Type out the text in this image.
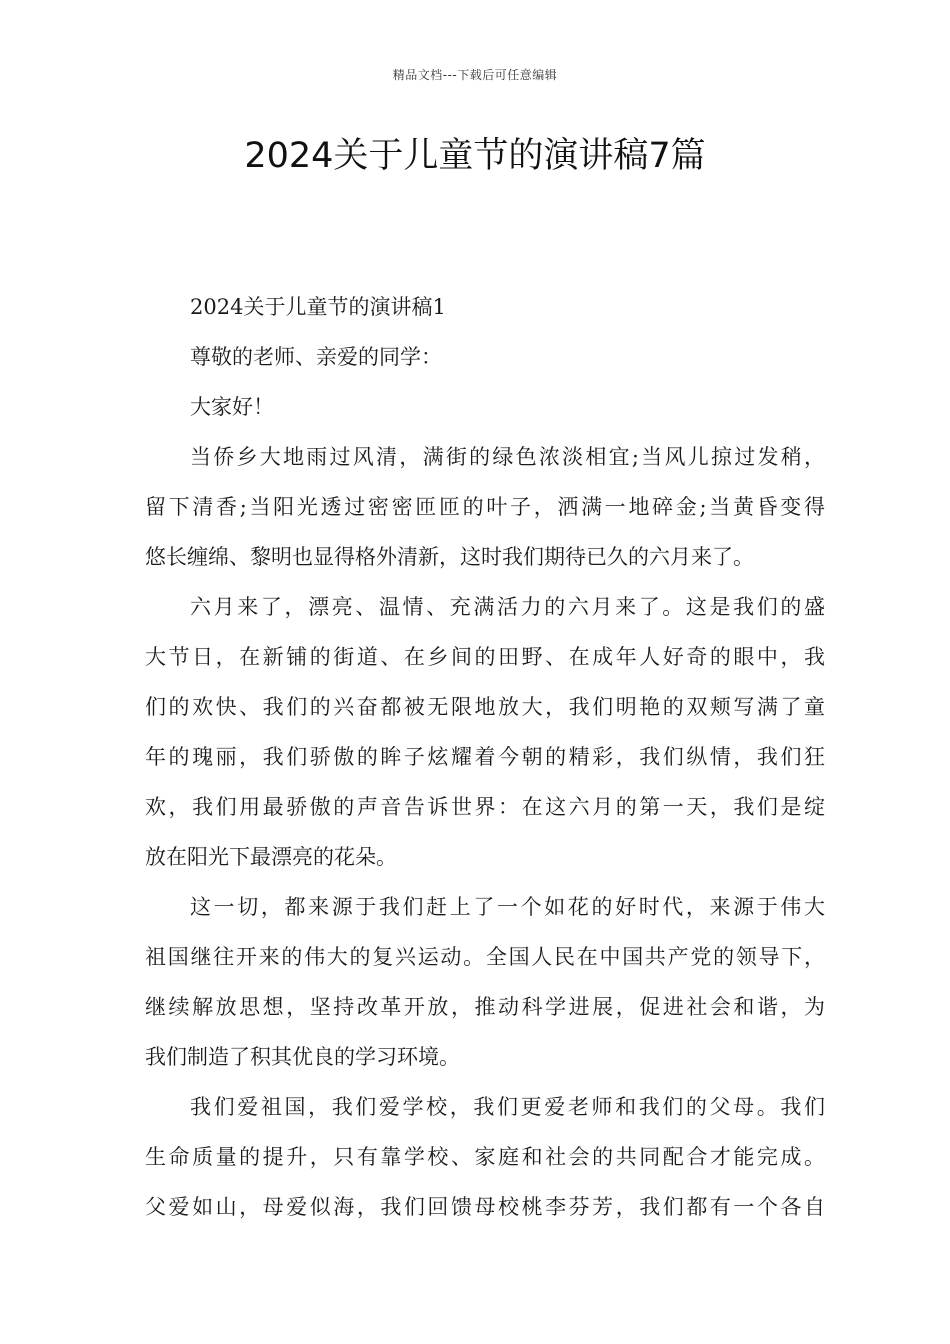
精品文档---下载后可任意编辑
2024关于儿童节的演讲稿7篇
2024关于儿童节的演讲稿1
尊敬的老师、亲爱的同学：
大家好！
当侨乡大地雨过风清，满街的绿色浓淡相宜;当风儿掠过发稍，
留下清香;当阳光透过密密匝匝的叶子，洒满一地碎金;当黄昏变得
悠长缠绵、黎明也显得格外清新，这时我们期待已久的六月来了。
六月来了，漂亮、温情、充满活力的六月来了。这是我们的盛
大节日，在新铺的街道、在乡间的田野、在成年人好奇的眼中，我
们的欢快、我们的兴奋都被无限地放大，我们明艳的双颊写满了童
年的瑰丽，我们骄傲的眸子炫耀着今朝的精彩，我们纵情，我们狂
欢，我们用最骄傲的声音告诉世界：在这六月的第一天，我们是绽
放在阳光下最漂亮的花朵。
这一切，都来源于我们赶上了一个如花的好时代，来源于伟大
祖国继往开来的伟大的复兴运动。全国人民在中国共产党的领导下，
继续解放思想，坚持改革开放，推动科学进展，促进社会和谐，为
我们制造了积其优良的学习环境。
我们爱祖国，我们爱学校，我们更爱老师和我们的父母。我们
生命质量的提升，只有靠学校、家庭和社会的共同配合才能完成。
父爱如山，母爱似海，我们回馈母校桃李芬芳，我们都有一个各自
